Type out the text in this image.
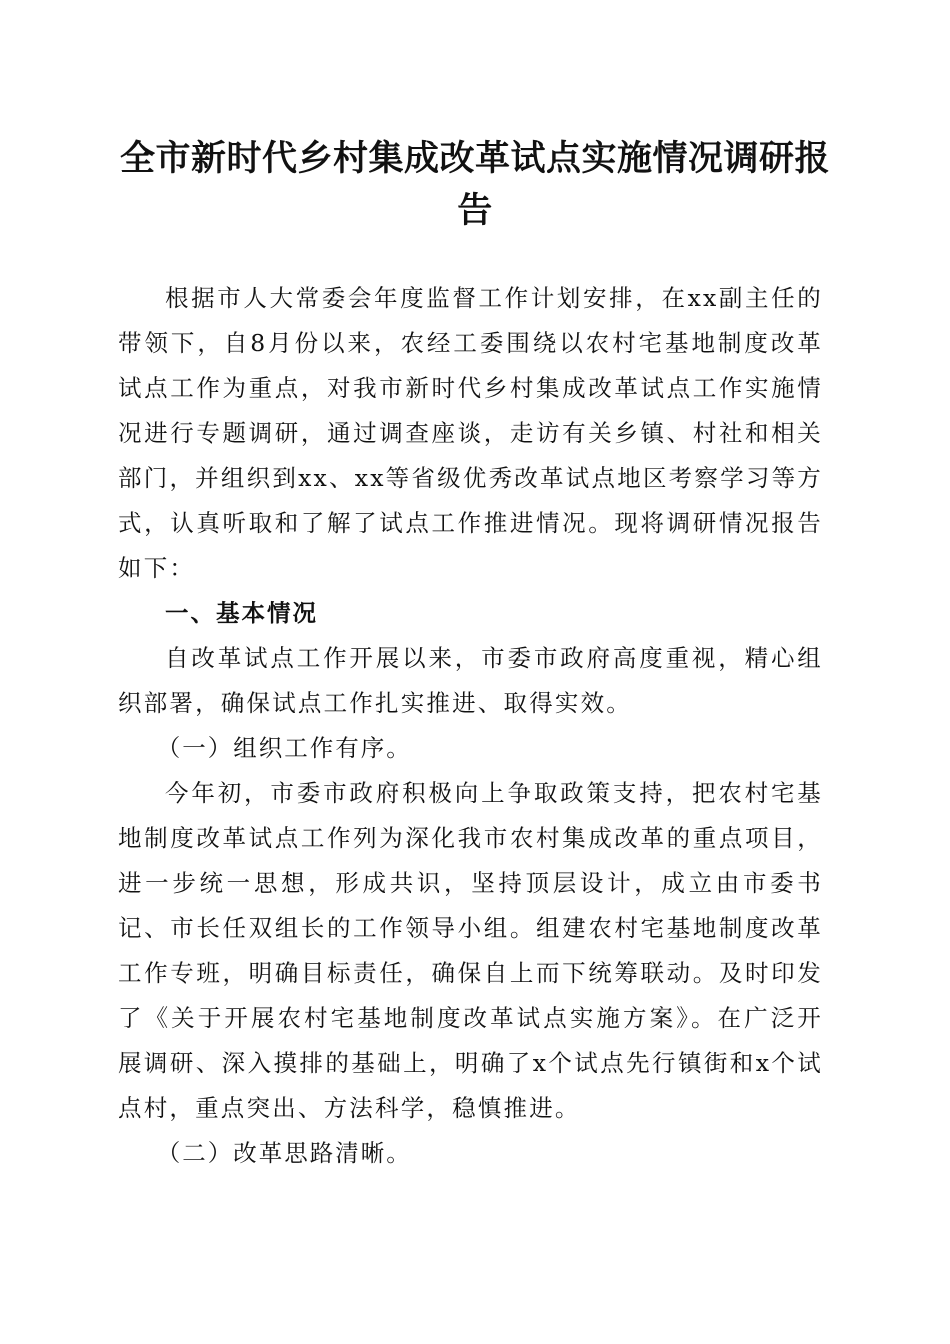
全市新时代乡村集成改革试点实施情况调研报告

根据市人大常委会年度监督工作计划安排，在xx副主任的带领下，自8月份以来，农经工委围绕以农村宅基地制度改革试点工作为重点，对我市新时代乡村集成改革试点工作实施情况进行专题调研，通过调查座谈，走访有关乡镇、村社和相关部门，并组织到xx、xx等省级优秀改革试点地区考察学习等方式，认真听取和了解了试点工作推进情况。现将调研情况报告如下：

一、基本情况

自改革试点工作开展以来，市委市政府高度重视，精心组织部署，确保试点工作扎实推进、取得实效。

（一）组织工作有序。

今年初，市委市政府积极向上争取政策支持，把农村宅基地制度改革试点工作列为深化我市农村集成改革的重点项目，进一步统一思想，形成共识，坚持顶层设计，成立由市委书记、市长任双组长的工作领导小组。组建农村宅基地制度改革工作专班，明确目标责任，确保自上而下统筹联动。及时印发了《关于开展农村宅基地制度改革试点实施方案》。在广泛开展调研、深入摸排的基础上，明确了x个试点先行镇街和x个试点村，重点突出、方法科学，稳慎推进。

（二）改革思路清晰。
